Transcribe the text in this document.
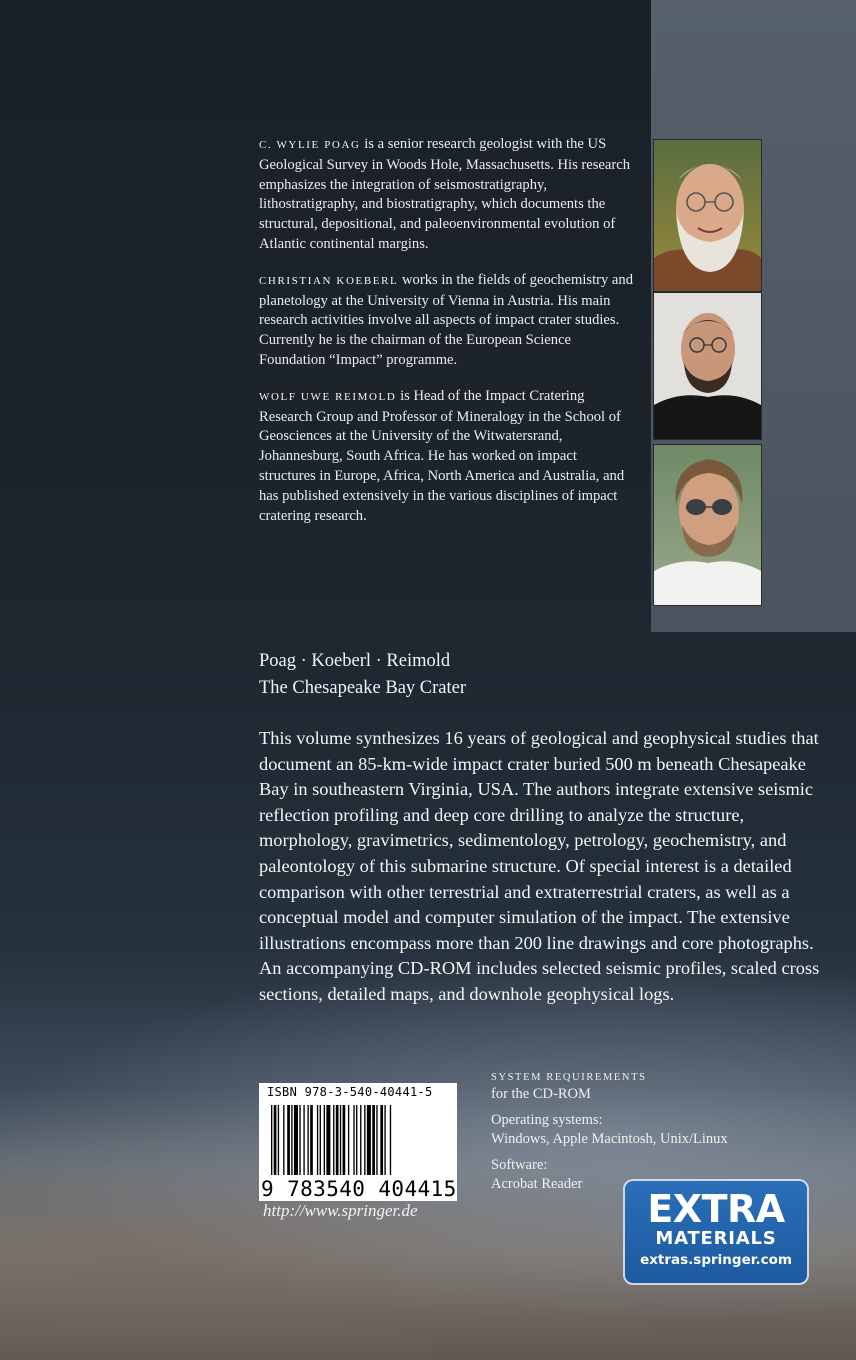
C. WYLIE POAG is a senior research geologist with the US Geological Survey in Woods Hole, Massachusetts. His research emphasizes the integration of seismostratigraphy, lithostratigraphy, and biostratigraphy, which documents the structural, depositional, and paleoenvironmental evolution of Atlantic continental margins.

CHRISTIAN KOEBERL works in the fields of geochemistry and planetology at the University of Vienna in Austria. His main research activities involve all aspects of impact crater studies. Currently he is the chairman of the European Science Foundation “Impact” programme.

WOLF UWE REIMOLD is Head of the Impact Cratering Research Group and Professor of Mineralogy in the School of Geosciences at the University of the Witwatersrand, Johannesburg, South Africa. He has worked on impact structures in Europe, Africa, North America and Australia, and has published extensively in the various disciplines of impact cratering research.

Poag · Koeberl · Reimold
The Chesapeake Bay Crater
This volume synthesizes 16 years of geological and geophysical studies that document an 85-km-wide impact crater buried 500 m beneath Chesapeake Bay in southeastern Virginia, USA. The authors integrate extensive seismic reflection profiling and deep core drilling to analyze the structure, morphology, gravimetrics, sedimentology, petrology, geochemistry, and paleontology of this submarine structure. Of special interest is a detailed comparison with other terrestrial and extraterrestrial craters, as well as a conceptual model and computer simulation of the impact. The extensive illustrations encompass more than 200 line drawings and core photographs. An accompanying CD-ROM includes selected seismic profiles, scaled cross sections, detailed maps, and downhole geophysical logs.
ISBN 978-3-540-40441-5
9 783540 404415
http://www.springer.de
SYSTEM REQUIREMENTS
for the CD-ROM
Operating systems:
Windows, Apple Macintosh, Unix/Linux
Software:
Acrobat Reader
EXTRA
MATERIALS
extras.springer.com
